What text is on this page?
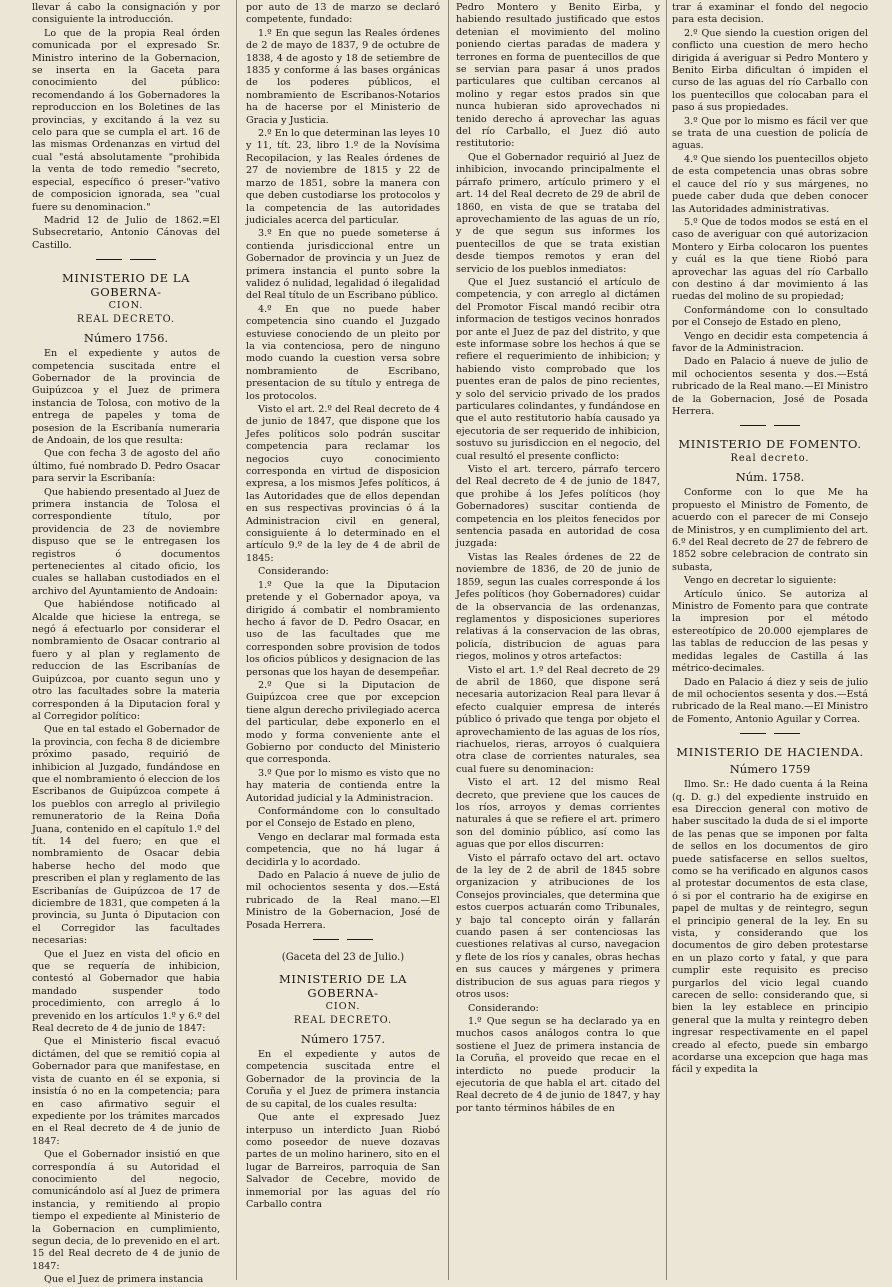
llevar á cabo la consignación y por consiguiente la introducción.

Lo que de la propia Real órden comunicada por el expresado Sr. Ministro interino de la Gobernacion, se inserta en la Gaceta para conocimiento del público: recomendando á los Gobernadores la reproduccion en los Boletines de las provincias, y excitando á la vez su celo para que se cumpla el art. 16 de las mismas Ordenanzas en virtud del cual "está absolutamente "prohibida la venta de todo remedio "secreto, especial, específico ó preser-"vativo de composicion ignorada, sea "cual fuere su denominacion."

Madrid 12 de Julio de 1862.=El Subsecretario, Antonio Cánovas del Castillo.

MINISTERIO DE LA GOBERNA-
CION.
REAL DECRETO.
Número 1756.

En el expediente y autos de competencia suscitada entre el Gobernador de la provincia de Guipúzcoa y el Juez de primera instancia de Tolosa, con motivo de la entrega de papeles y toma de posesion de la Escribanía numeraria de Andoain, de los que resulta:

Que con fecha 3 de agosto del año último, fué nombrado D. Pedro Osacar para servir la Escribanía:

Que habiendo presentado al Juez de primera instancia de Tolosa el correspondiente título, por providencia de 23 de noviembre dispuso que se le entregasen los registros ó documentos pertenecientes al citado oficio, los cuales se hallaban custodiados en el archivo del Ayuntamiento de Andoain:

Que habiéndose notificado al Alcalde que hiciese la entrega, se negó á efectuarlo por considerar el nombramiento de Osacar contrario al fuero y al plan y reglamento de reduccion de las Escribanías de Guipúzcoa, por cuanto segun uno y otro las facultades sobre la materia corresponden á la Diputacion foral y al Corregidor político:

Que en tal estado el Gobernador de la provincia, con fecha 8 de diciembre próximo pasado, requirió de inhibicion al Juzgado, fundándose en que el nombramiento ó eleccion de los Escribanos de Guipúzcoa compete á los pueblos con arreglo al privilegio remuneratorio de la Reina Doña Juana, contenido en el capítulo 1.º del tít. 14 del fuero; en que el nombramiento de Osacar debia haberse hecho del modo que prescriben el plan y reglamento de las Escribanías de Guipúzcoa de 17 de diciembre de 1831, que competen á la provincia, su Junta ó Diputacion con el Corregidor las facultades necesarias:

Que el Juez en vista del oficio en que se requería de inhibicion, contestó al Gobernador que habia mandado suspender todo procedimiento, con arreglo á lo prevenido en los artículos 1.º y 6.º del Real decreto de 4 de junio de 1847:

Que el Ministerio fiscal evacuó dictámen, del que se remitió copia al Gobernador para que manifestase, en vista de cuanto en él se exponia, si insistía ó no en la competencia; para en caso afirmativo seguir el expediente por los trámites marcados en el Real decreto de 4 de junio de 1847:

Que el Gobernador insistió en que correspondía á su Autoridad el conocimiento del negocio, comunicándolo así al Juez de primera instancia, y remitiendo al propio tiempo el expediente al Ministerio de la Gobernacion en cumplimiento, segun decia, de lo prevenido en el art. 15 del Real decreto de 4 de junio de 1847:

Que el Juez de primera instancia

por auto de 13 de marzo se declaró competente, fundado:

1.º En que segun las Reales órdenes de 2 de mayo de 1837, 9 de octubre de 1838, 4 de agosto y 18 de setiembre de 1835 y conforme á las bases orgánicas de los poderes públicos, el nombramiento de Escribanos-Notarios ha de hacerse por el Ministerio de Gracia y Justicia.

2.º En lo que determinan las leyes 10 y 11, tít. 23, libro 1.º de la Novísima Recopilacion, y las Reales órdenes de 27 de noviembre de 1815 y 22 de marzo de 1851, sobre la manera con que deben custodiarse los protocolos y la competencia de las autoridades judiciales acerca del particular.

3.º En que no puede someterse á contienda jurisdiccional entre un Gobernador de provincia y un Juez de primera instancia el punto sobre la validez ó nulidad, legalidad ó ilegalidad del Real título de un Escribano público.

4.º En que no puede haber competencia sino cuando el Juzgado estuviese conociendo de un pleito por la via contenciosa, pero de ninguno modo cuando la cuestion versa sobre nombramiento de Escribano, presentacion de su título y entrega de los protocolos.

Visto el art. 2.º del Real decreto de 4 de junio de 1847, que dispone que los Jefes políticos solo podrán suscitar competencia para reclamar los negocios cuyo conocimiento corresponda en virtud de disposicion expresa, a los mismos Jefes políticos, á las Autoridades que de ellos dependan en sus respectivas provincias ó á la Administracion civil en general, consiguiente á lo determinado en el artículo 9.º de la ley de 4 de abril de 1845:

Considerando:

1.º Que la que la Diputacion pretende y el Gobernador apoya, va dirigido á combatir el nombramiento hecho á favor de D. Pedro Osacar, en uso de las facultades que me corresponden sobre provision de todos los oficios públicos y designacion de las personas que los hayan de desempeñar.

2.º Que si la Diputacion de Guipúzcoa cree que por excepcion tiene algun derecho privilegiado acerca del particular, debe exponerlo en el modo y forma conveniente ante el Gobierno por conducto del Ministerio que corresponda.

3.º Que por lo mismo es visto que no hay materia de contienda entre la Autoridad judicial y la Administracion.

Conformándome con lo consultado por el Consejo de Estado en pleno,

Vengo en declarar mal formada esta competencia, que no há lugar á decidirla y lo acordado.

Dado en Palacio á nueve de julio de mil ochocientos sesenta y dos.—Está rubricado de la Real mano.—El Ministro de la Gobernacion, José de Posada Herrera.

(Gaceta del 23 de Julio.)
MINISTERIO DE LA GOBERNA-
CION.
REAL DECRETO.
Número 1757.

En el expediente y autos de competencia suscitada entre el Gobernador de la provincia de la Coruña y el Juez de primera instancia de su capital, de los cuales resulta:

Que ante el expresado Juez interpuso un interdicto Juan Riobó como poseedor de nueve dozavas partes de un molino harinero, sito en el lugar de Barreiros, parroquia de San Salvador de Cecebre, movido de inmemorial por las aguas del río Carballo contra

Pedro Montero y Benito Eirba, y habiendo resultado justificado que estos detenian el movimiento del molino poniendo ciertas paradas de madera y terrones en forma de puentecillos de que se servian para pasar á unos prados particulares que cultiban cercanos al molino y regar estos prados sin que nunca hubieran sido aprovechados ni tenido derecho á aprovechar las aguas del río Carballo, el Juez dió auto restitutorio:

Que el Gobernador requirió al Juez de inhibicion, invocando principalmente el párrafo primero, artículo primero y el art. 14 del Real decreto de 29 de abril de 1860, en vista de que se trataba del aprovechamiento de las aguas de un río, y de que segun sus informes los puentecillos de que se trata existian desde tiempos remotos y eran del servicio de los pueblos inmediatos:

Que el Juez sustanció el artículo de competencia, y con arreglo al dictámen del Promotor Fiscal mandó recibir otra informacion de testigos vecinos honrados por ante el Juez de paz del distrito, y que este informase sobre los hechos á que se refiere el requerimiento de inhibicion; y habiendo visto comprobado que los puentes eran de palos de pino recientes, y solo del servicio privado de los prados particulares colindantes, y fundándose en que el auto restitutorio había causado ya ejecutoria de ser requerido de inhibicion, sostuvo su jurisdiccion en el negocio, del cual resultó el presente conflicto:

Visto el art. tercero, párrafo tercero del Real decreto de 4 de junio de 1847, que prohibe á los Jefes políticos (hoy Gobernadores) suscitar contienda de competencia en los pleitos fenecidos por sentencia pasada en autoridad de cosa juzgada:

Vistas las Reales órdenes de 22 de noviembre de 1836, de 20 de junio de 1859, segun las cuales corresponde á los Jefes políticos (hoy Gobernadores) cuidar de la observancia de las ordenanzas, reglamentos y disposiciones superiores relativas á la conservacion de las obras, policía, distribucion de aguas para riegos, molinos y otros artefactos:

Visto el art. 1.º del Real decreto de 29 de abril de 1860, que dispone será necesaria autorizacion Real para llevar á efecto cualquier empresa de interés público ó privado que tenga por objeto el aprovechamiento de las aguas de los ríos, riachuelos, rieras, arroyos ó cualquiera otra clase de corrientes naturales, sea cual fuere su denominacion:

Visto el art. 12 del mismo Real decreto, que previene que los cauces de los ríos, arroyos y demas corrientes naturales á que se refiere el art. primero son del dominio público, así como las aguas que por ellos discurren:

Visto el párrafo octavo del art. octavo de la ley de 2 de abril de 1845 sobre organizacion y atribuciones de los Consejos provinciales, que determina que estos cuerpos actuarán como Tribunales, y bajo tal concepto oirán y fallarán cuando pasen á ser contenciosas las cuestiones relativas al curso, navegacion y flete de los ríos y canales, obras hechas en sus cauces y márgenes y primera distribucion de sus aguas para riegos y otros usos:

Considerando:

1.º Que segun se ha declarado ya en muchos casos análogos contra lo que sostiene el Juez de primera instancia de la Coruña, el proveido que recae en el interdicto no puede producir la ejecutoria de que habla el art. citado del Real decreto de 4 de junio de 1847, y hay por tanto términos hábiles de en

trar á examinar el fondo del negocio para esta decision.

2.º Que siendo la cuestion origen del conflicto una cuestion de mero hecho dirigida á averiguar si Pedro Montero y Benito Eirba dificultan ó impiden el curso de las aguas del río Carballo con los puentecillos que colocaban para el paso á sus propiedades.

3.º Que por lo mismo es fácil ver que se trata de una cuestion de policía de aguas.

4.º Que siendo los puentecillos objeto de esta competencia unas obras sobre el cauce del río y sus márgenes, no puede caber duda que deben conocer las Autoridades administrativas.

5.º Que de todos modos se está en el caso de averiguar con qué autorizacion Montero y Eirba colocaron los puentes y cuál es la que tiene Riobó para aprovechar las aguas del río Carballo con destino á dar movimiento á las ruedas del molino de su propiedad;

Conformándome con lo consultado por el Consejo de Estado en pleno,

Vengo en decidir esta competencia á favor de la Administracion.

Dado en Palacio á nueve de julio de mil ochocientos sesenta y dos.—Está rubricado de la Real mano.—El Ministro de la Gobernacion, José de Posada Herrera.

MINISTERIO DE FOMENTO.
Real decreto.
Núm. 1758.

Conforme con lo que Me ha propuesto el Ministro de Fomento, de acuerdo con el parecer de mi Consejo de Ministros, y en cumplimiento del art. 6.º del Real decreto de 27 de febrero de 1852 sobre celebracion de contrato sin subasta,

Vengo en decretar lo siguiente:

Artículo único. Se autoriza al Ministro de Fomento para que contrate la impresion por el método estereotípico de 20.000 ejemplares de las tablas de reduccion de las pesas y medidas legales de Castilla á las métrico-decimales.

Dado en Palacio á diez y seis de julio de mil ochocientos sesenta y dos.—Está rubricado de la Real mano.—El Ministro de Fomento, Antonio Aguilar y Correa.

MINISTERIO DE HACIENDA.
Número 1759

Ilmo. Sr.: He dado cuenta á la Reina (q. D. g.) del expediente instruido en esa Direccion general con motivo de haber suscitado la duda de si el importe de las penas que se imponen por falta de sellos en los documentos de giro puede satisfacerse en sellos sueltos, como se ha verificado en algunos casos al protestar documentos de esta clase, ó si por el contrario ha de exigirse en papel de multas y de reintegro, segun el principio general de la ley. En su vista, y considerando que los documentos de giro deben protestarse en un plazo corto y fatal, y que para cumplir este requisito es preciso purgarlos del vicio legal cuando carecen de sello: considerando que, si bien la ley establece en principio general que la multa y reintegro deben ingresar respectivamente en el papel creado al efecto, puede sin embargo acordarse una excepcion que haga mas fácil y expedita la
